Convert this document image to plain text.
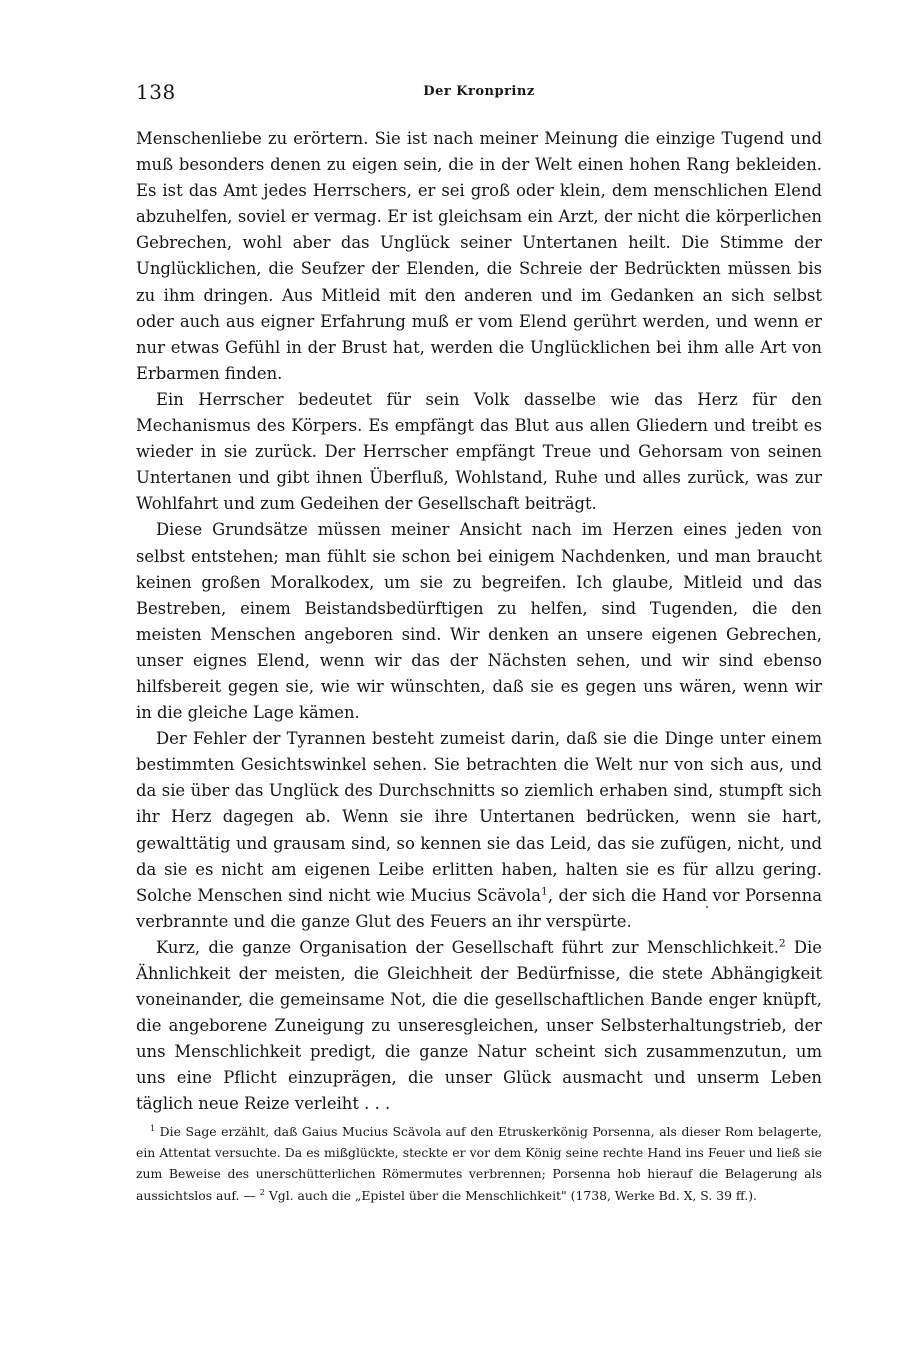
138	Der Kronprinz

Menschenliebe zu erörtern. Sie ist nach meiner Meinung die einzige Tugend und muß besonders denen zu eigen sein, die in der Welt einen hohen Rang bekleiden. Es ist das Amt jedes Herrschers, er sei groß oder klein, dem menschlichen Elend abzuhelfen, soviel er vermag. Er ist gleichsam ein Arzt, der nicht die körperlichen Gebrechen, wohl aber das Unglück seiner Untertanen heilt. Die Stimme der Unglücklichen, die Seufzer der Elenden, die Schreie der Bedrückten müssen bis zu ihm dringen. Aus Mitleid mit den anderen und im Gedanken an sich selbst oder auch aus eigner Erfahrung muß er vom Elend gerührt werden, und wenn er nur etwas Gefühl in der Brust hat, werden die Unglücklichen bei ihm alle Art von Erbarmen finden.

Ein Herrscher bedeutet für sein Volk dasselbe wie das Herz für den Mechanismus des Körpers. Es empfängt das Blut aus allen Gliedern und treibt es wieder in sie zurück. Der Herrscher empfängt Treue und Gehorsam von seinen Untertanen und gibt ihnen Überfluß, Wohlstand, Ruhe und alles zurück, was zur Wohlfahrt und zum Gedeihen der Gesellschaft beiträgt.

Diese Grundsätze müssen meiner Ansicht nach im Herzen eines jeden von selbst entstehen; man fühlt sie schon bei einigem Nachdenken, und man braucht keinen großen Moralkodex, um sie zu begreifen. Ich glaube, Mitleid und das Bestreben, einem Beistandsbedürftigen zu helfen, sind Tugenden, die den meisten Menschen angeboren sind. Wir denken an unsere eigenen Gebrechen, unser eignes Elend, wenn wir das der Nächsten sehen, und wir sind ebenso hilfsbereit gegen sie, wie wir wünschten, daß sie es gegen uns wären, wenn wir in die gleiche Lage kämen.

Der Fehler der Tyrannen besteht zumeist darin, daß sie die Dinge unter einem bestimmten Gesichtswinkel sehen. Sie betrachten die Welt nur von sich aus, und da sie über das Unglück des Durchschnitts so ziemlich erhaben sind, stumpft sich ihr Herz dagegen ab. Wenn sie ihre Untertanen bedrücken, wenn sie hart, gewalttätig und grausam sind, so kennen sie das Leid, das sie zufügen, nicht, und da sie es nicht am eigenen Leibe erlitten haben, halten sie es für allzu gering. Solche Menschen sind nicht wie Mucius Scävola$^1$, der sich die Hand vor Porsenna verbrannte und die ganze Glut des Feuers an ihr verspürte.

Kurz, die ganze Organisation der Gesellschaft führt zur Menschlichkeit.$^2$ Die Ähnlichkeit der meisten, die Gleichheit der Bedürfnisse, die stete Abhängigkeit voneinander, die gemeinsame Not, die die gesellschaftlichen Bande enger knüpft, die angeborene Zuneigung zu unseresgleichen, unser Selbsterhaltungstrieb, der uns Menschlichkeit predigt, die ganze Natur scheint sich zusammenzutun, um uns eine Pflicht einzuprägen, die unser Glück ausmacht und unserm Leben täglich neue Reize verleiht . . .

$^1$ Die Sage erzählt, daß Gaius Mucius Scävola auf den Etruskerkönig Porsenna, als dieser Rom belagerte, ein Attentat versuchte. Da es mißglückte, steckte er vor dem König seine rechte Hand ins Feuer und ließ sie zum Beweise des unerschütterlichen Römermutes verbrennen; Porsenna hob hierauf die Belagerung als aussichtslos auf. — $^2$ Vgl. auch die „Epistel über die Menschlichkeit" (1738, Werke Bd. X, S. 39 ff.).
